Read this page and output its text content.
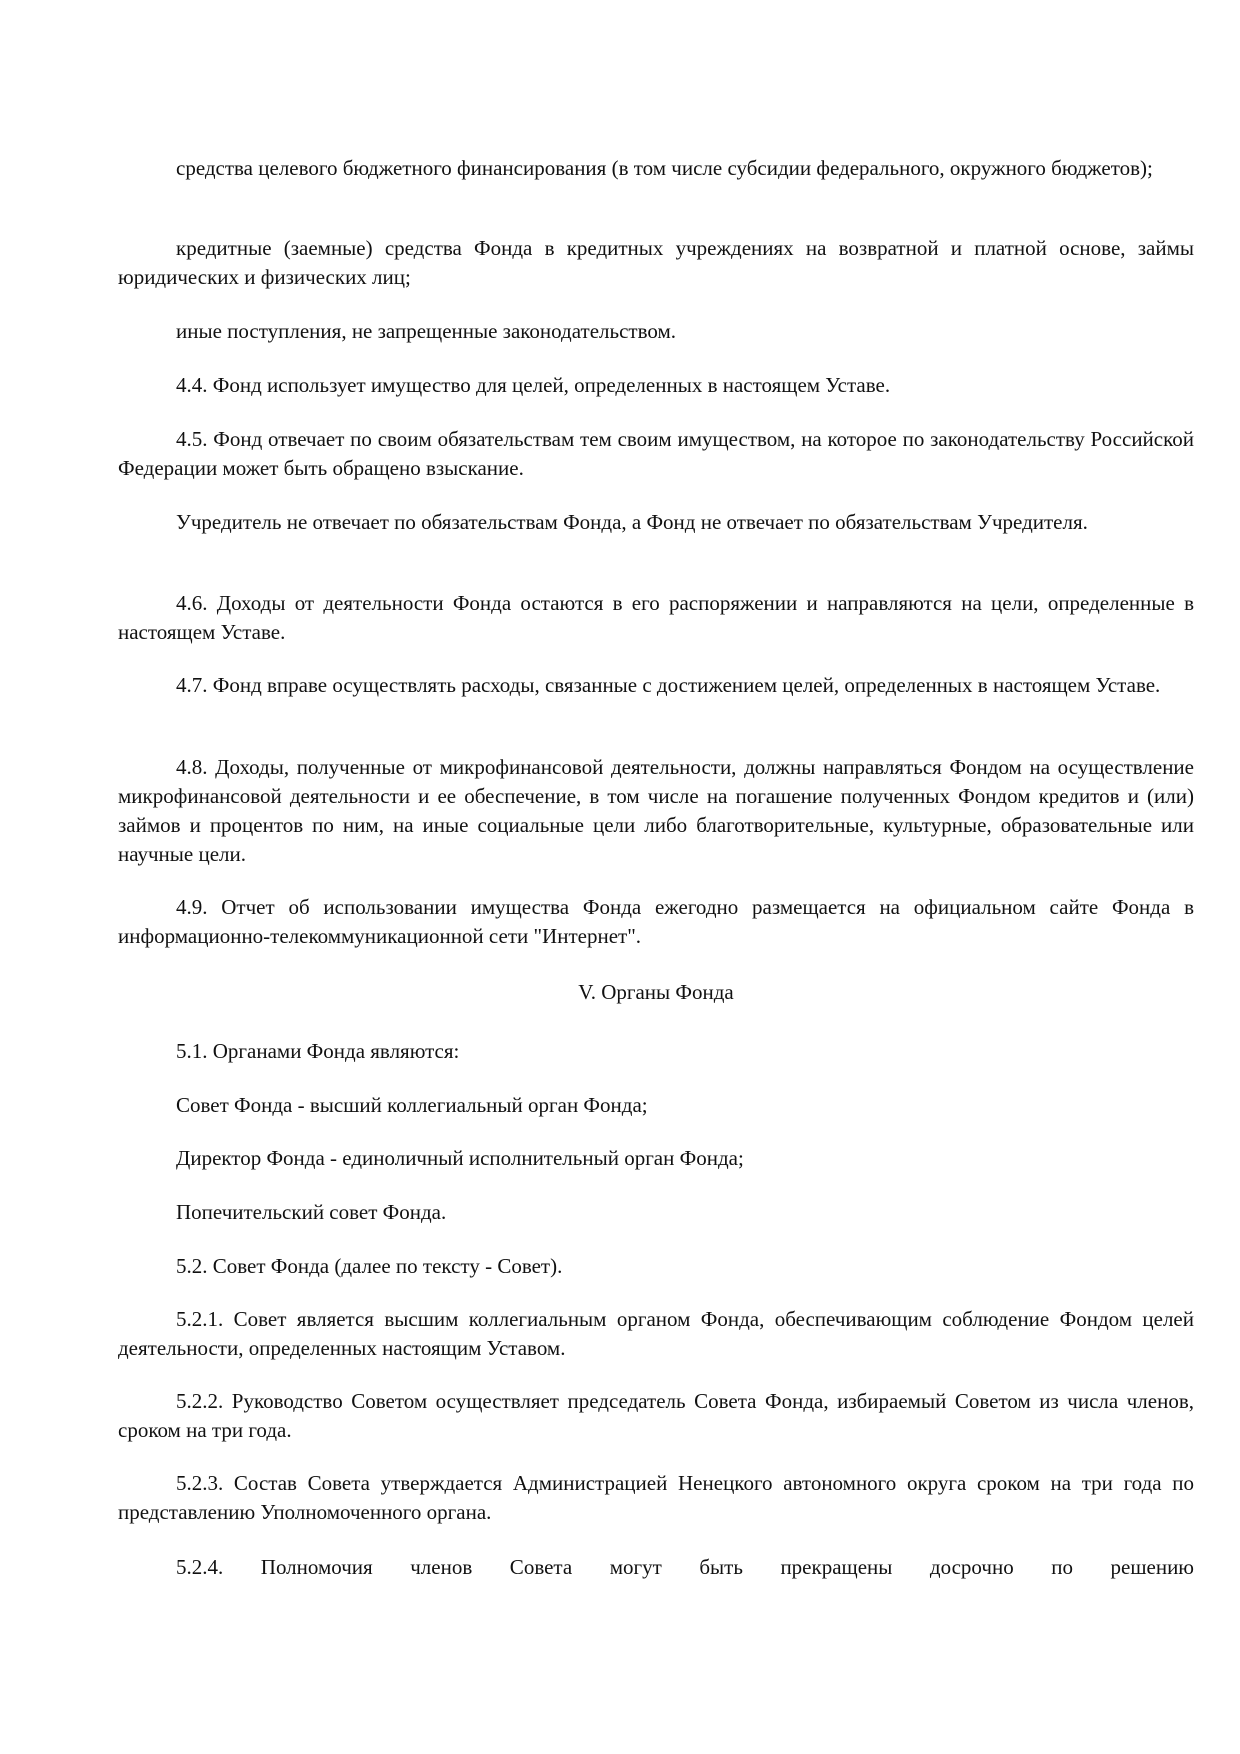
средства целевого бюджетного финансирования (в том числе субсидии федерального, окружного бюджетов);

кредитные (заемные) средства Фонда в кредитных учреждениях на возвратной и платной основе, займы юридических и физических лиц;

иные поступления, не запрещенные законодательством.

4.4. Фонд использует имущество для целей, определенных в настоящем Уставе.

4.5. Фонд отвечает по своим обязательствам тем своим имуществом, на которое по законодательству Российской Федерации может быть обращено взыскание.

Учредитель не отвечает по обязательствам Фонда, а Фонд не отвечает по обязательствам Учредителя.

4.6. Доходы от деятельности Фонда остаются в его распоряжении и направляются на цели, определенные в настоящем Уставе.

4.7. Фонд вправе осуществлять расходы, связанные с достижением целей, определенных в настоящем Уставе.

4.8. Доходы, полученные от микрофинансовой деятельности, должны направляться Фондом на осуществление микрофинансовой деятельности и ее обеспечение, в том числе на погашение полученных Фондом кредитов и (или) займов и процентов по ним, на иные социальные цели либо благотворительные, культурные, образовательные или научные цели.

4.9. Отчет об использовании имущества Фонда ежегодно размещается на официальном сайте Фонда в информационно-телекоммуникационной сети "Интернет".

V. Органы Фонда

5.1. Органами Фонда являются:

Совет Фонда - высший коллегиальный орган Фонда;

Директор Фонда - единоличный исполнительный орган Фонда;

Попечительский совет Фонда.

5.2. Совет Фонда (далее по тексту - Совет).

5.2.1. Совет является высшим коллегиальным органом Фонда, обеспечивающим соблюдение Фондом целей деятельности, определенных настоящим Уставом.

5.2.2. Руководство Советом осуществляет председатель Совета Фонда, избираемый Советом из числа членов, сроком на три года.

5.2.3. Состав Совета утверждается Администрацией Ненецкого автономного округа сроком на три года по представлению Уполномоченного органа.

5.2.4. Полномочия членов Совета могут быть прекращены досрочно по решению
